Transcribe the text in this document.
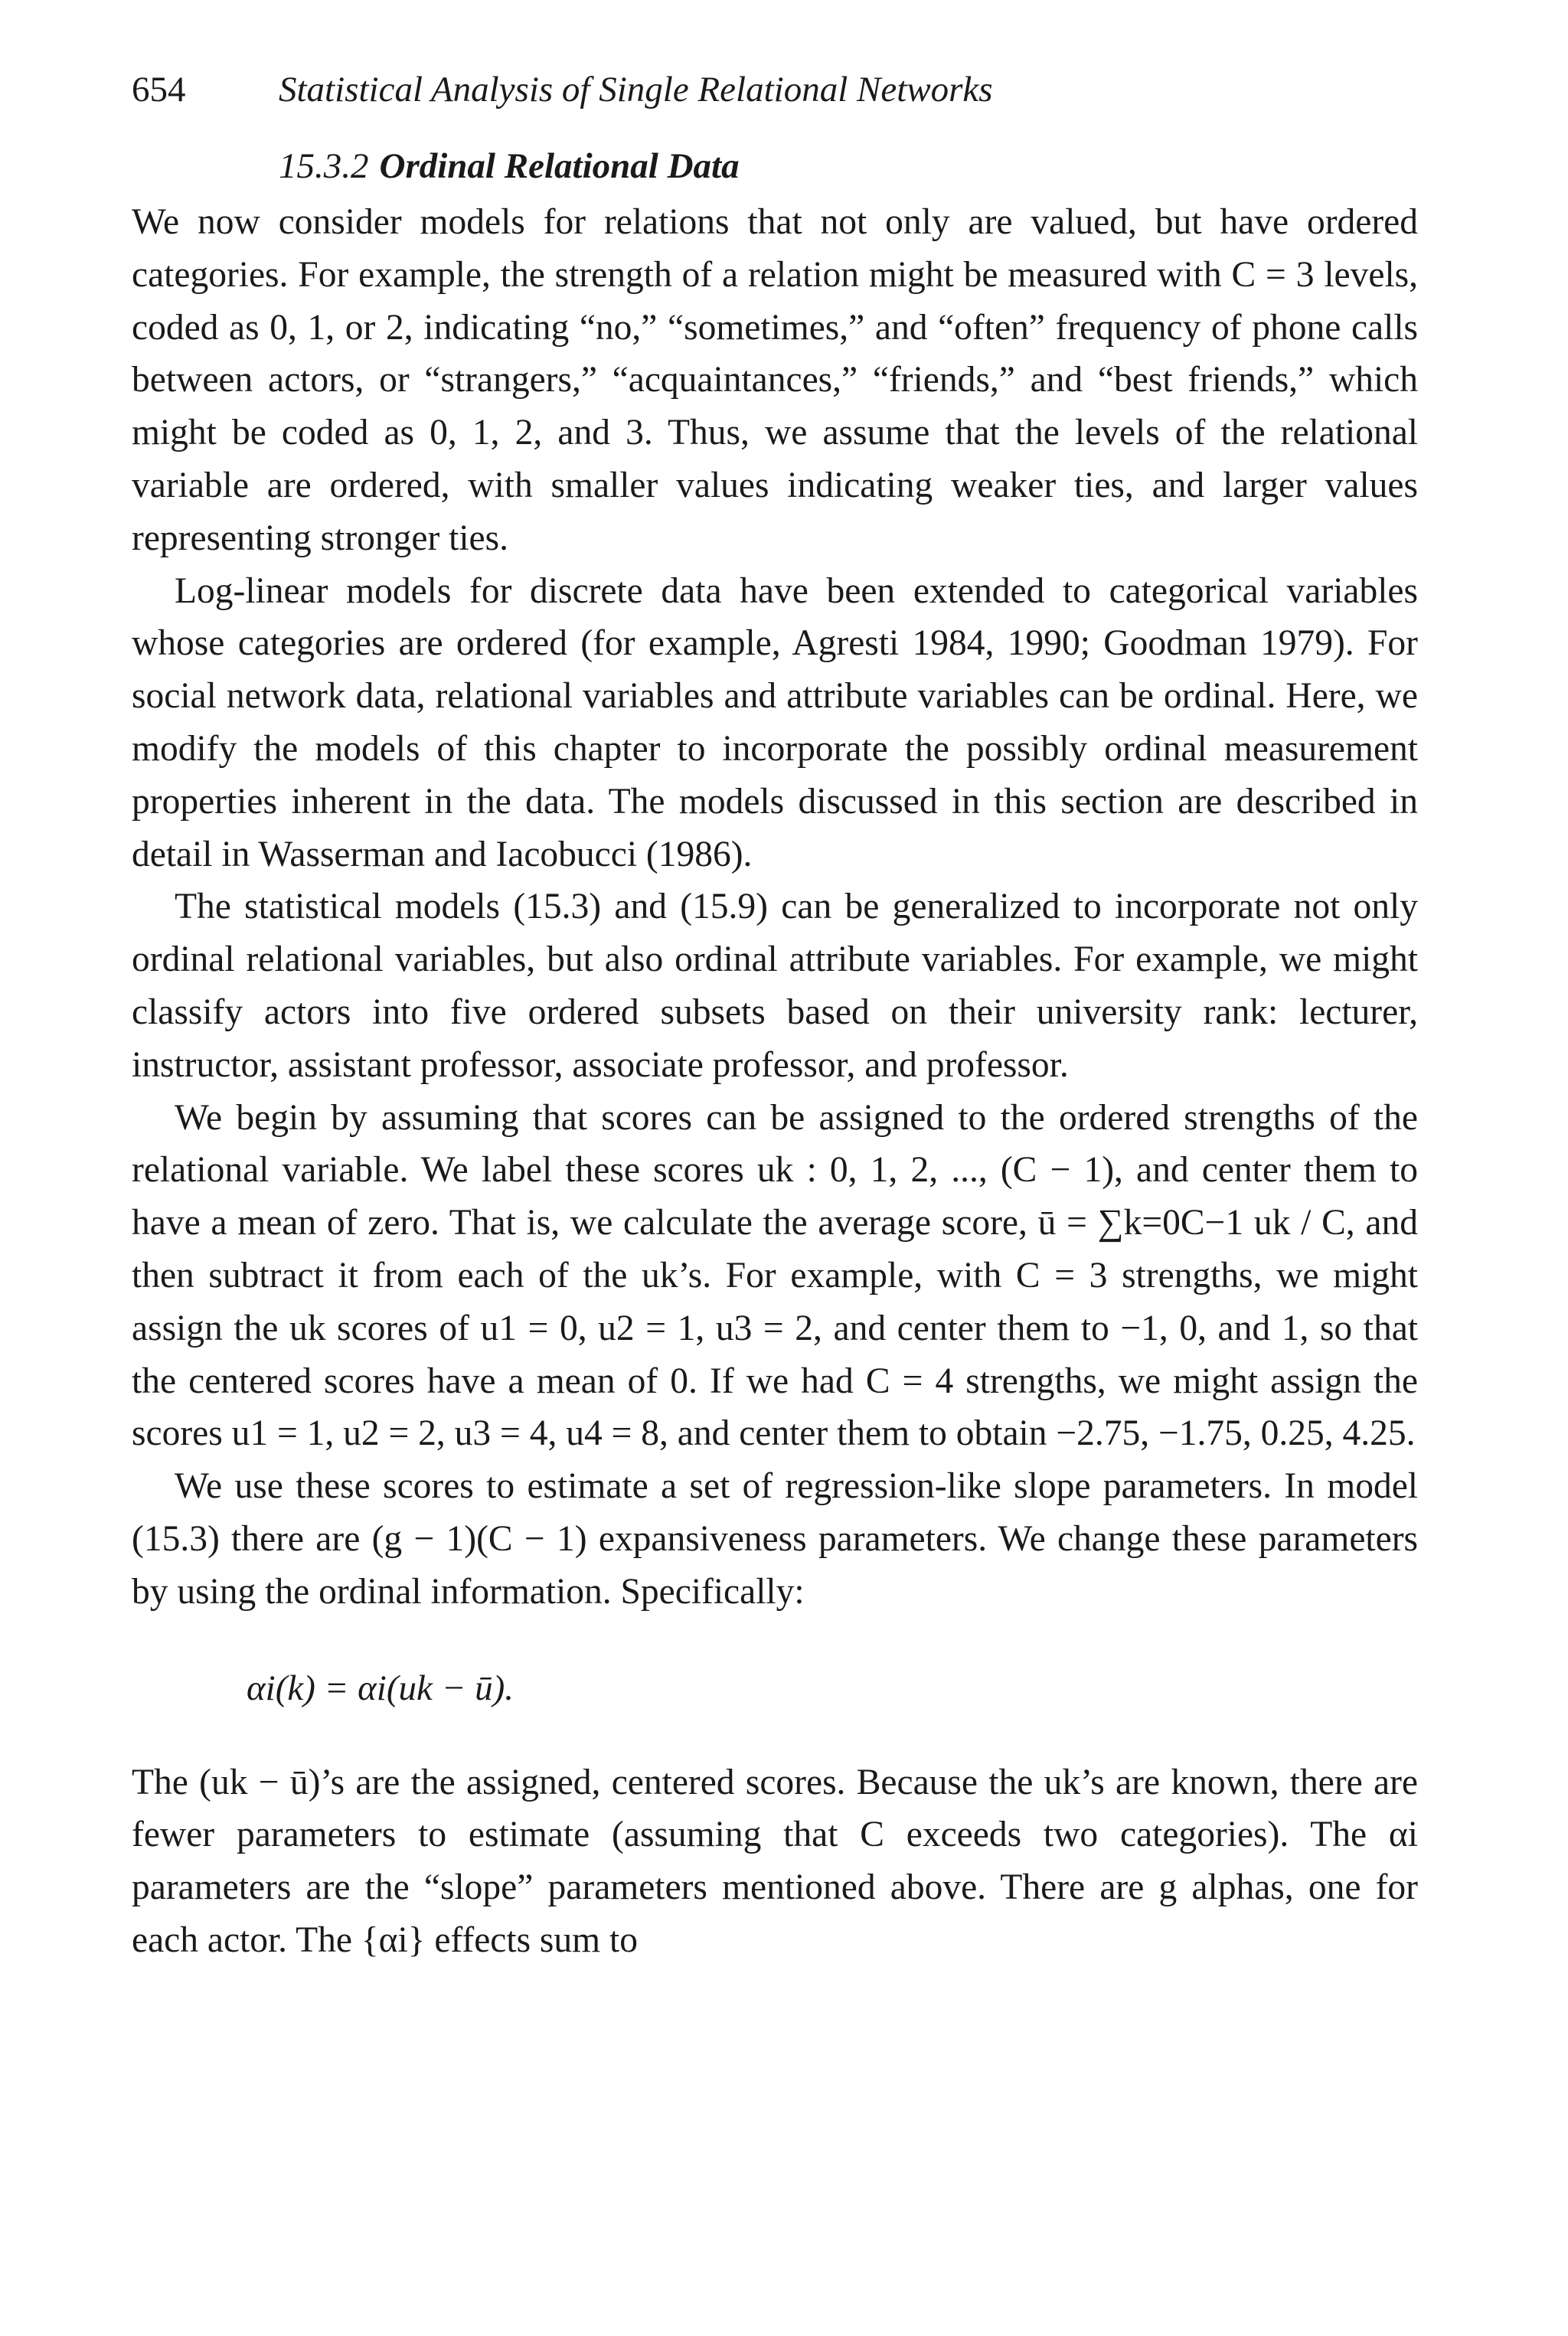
654	Statistical Analysis of Single Relational Networks
15.3.2 Ordinal Relational Data

We now consider models for relations that not only are valued, but have ordered categories. For example, the strength of a relation might be measured with C = 3 levels, coded as 0, 1, or 2, indicating “no,” “sometimes,” and “often” frequency of phone calls between actors, or “strangers,” “acquaintances,” “friends,” and “best friends,” which might be coded as 0, 1, 2, and 3. Thus, we assume that the levels of the relational variable are ordered, with smaller values indicating weaker ties, and larger values representing stronger ties.

Log-linear models for discrete data have been extended to categorical variables whose categories are ordered (for example, Agresti 1984, 1990; Goodman 1979). For social network data, relational variables and attribute variables can be ordinal. Here, we modify the models of this chapter to incorporate the possibly ordinal measurement properties inherent in the data. The models discussed in this section are described in detail in Wasserman and Iacobucci (1986).

The statistical models (15.3) and (15.9) can be generalized to incorporate not only ordinal relational variables, but also ordinal attribute variables. For example, we might classify actors into five ordered subsets based on their university rank: lecturer, instructor, assistant professor, associate professor, and professor.

We begin by assuming that scores can be assigned to the ordered strengths of the relational variable. We label these scores uk : 0, 1, 2, ..., (C − 1), and center them to have a mean of zero. That is, we calculate the average score, ū = ∑k=0C−1 uk / C, and then subtract it from each of the uk’s. For example, with C = 3 strengths, we might assign the uk scores of u1 = 0, u2 = 1, u3 = 2, and center them to −1, 0, and 1, so that the centered scores have a mean of 0. If we had C = 4 strengths, we might assign the scores u1 = 1, u2 = 2, u3 = 4, u4 = 8, and center them to obtain −2.75, −1.75, 0.25, 4.25.

We use these scores to estimate a set of regression-like slope parameters. In model (15.3) there are (g − 1)(C − 1) expansiveness parameters. We change these parameters by using the ordinal information. Specifically:

αi(k) = αi(uk − ū).

The (uk − ū)’s are the assigned, centered scores. Because the uk’s are known, there are fewer parameters to estimate (assuming that C exceeds two categories). The αi parameters are the “slope” parameters mentioned above. There are g alphas, one for each actor. The {αi} effects sum to
